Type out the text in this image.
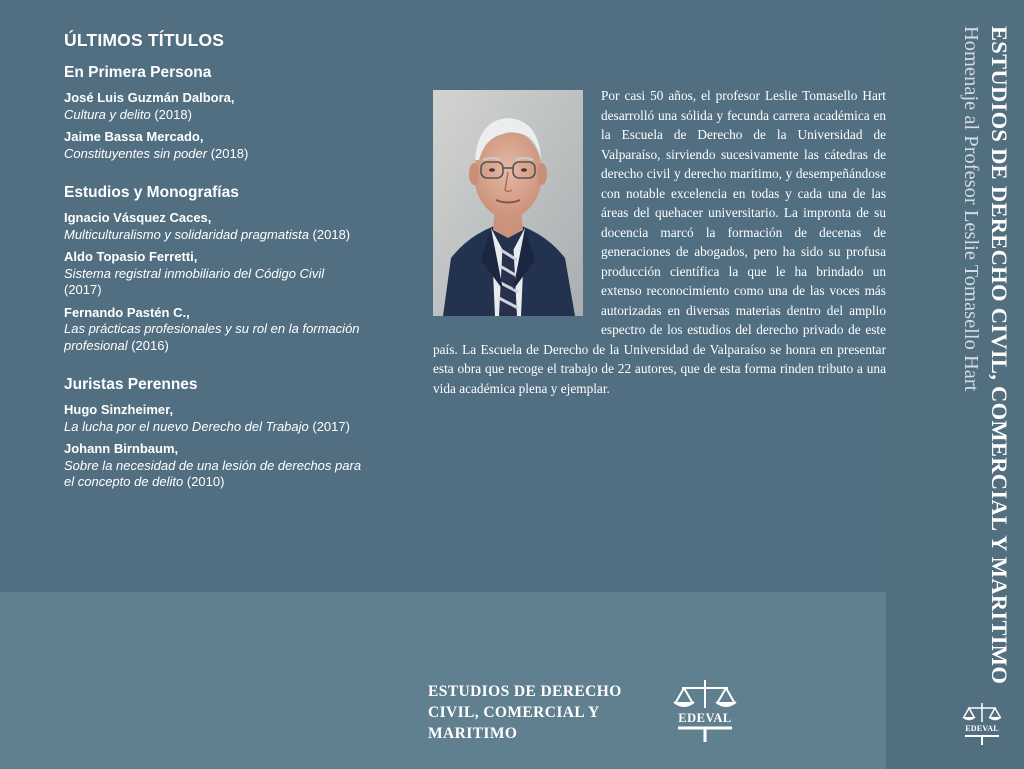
ÚLTIMOS TÍTULOS
En Primera Persona
José Luis Guzmán Dalbora,
Cultura y delito (2018)
Jaime Bassa Mercado,
Constituyentes sin poder (2018)
Estudios y Monografías
Ignacio Vásquez Caces,
Multiculturalismo y solidaridad pragmatista (2018)
Aldo Topasio Ferretti,
Sistema registral inmobiliario del Código Civil (2017)
Fernando Pastén C.,
Las prácticas profesionales y su rol en la formación profesional (2016)
Juristas Perennes
Hugo Sinzheimer,
La lucha por el nuevo Derecho del Trabajo (2017)
Johann Birnbaum,
Sobre la necesidad de una lesión de derechos para el concepto de delito (2010)

Por casi 50 años, el profesor Leslie Tomasello Hart desarrolló una sólida y fecunda carrera académica en la Escuela de Derecho de la Universidad de Valparaíso, sirviendo sucesivamente las cátedras de derecho civil y derecho marítimo, y desempeñándose con notable excelencia en todas y cada una de las áreas del quehacer universitario. La impronta de su docencia marcó la formación de decenas de generaciones de abogados, pero ha sido su profusa producción científica la que le ha brindado un extenso reconocimiento como una de las voces más autorizadas en diversas materias dentro del amplio espectro de los estudios del derecho privado de este país. La Escuela de Derecho de la Universidad de Valparaíso se honra en presentar esta obra que recoge el trabajo de 22 autores, que de esta forma rinden tributo a una vida académica plena y ejemplar.

ESTUDIOS DE DERECHO
CIVIL, COMERCIAL Y
MARITIMO
EDEVAL
ESTUDIOS DE DERECHO CIVIL, COMERCIAL Y MARITIMO
Homenaje al Profesor Leslie Tomasello Hart
EDEVAL
